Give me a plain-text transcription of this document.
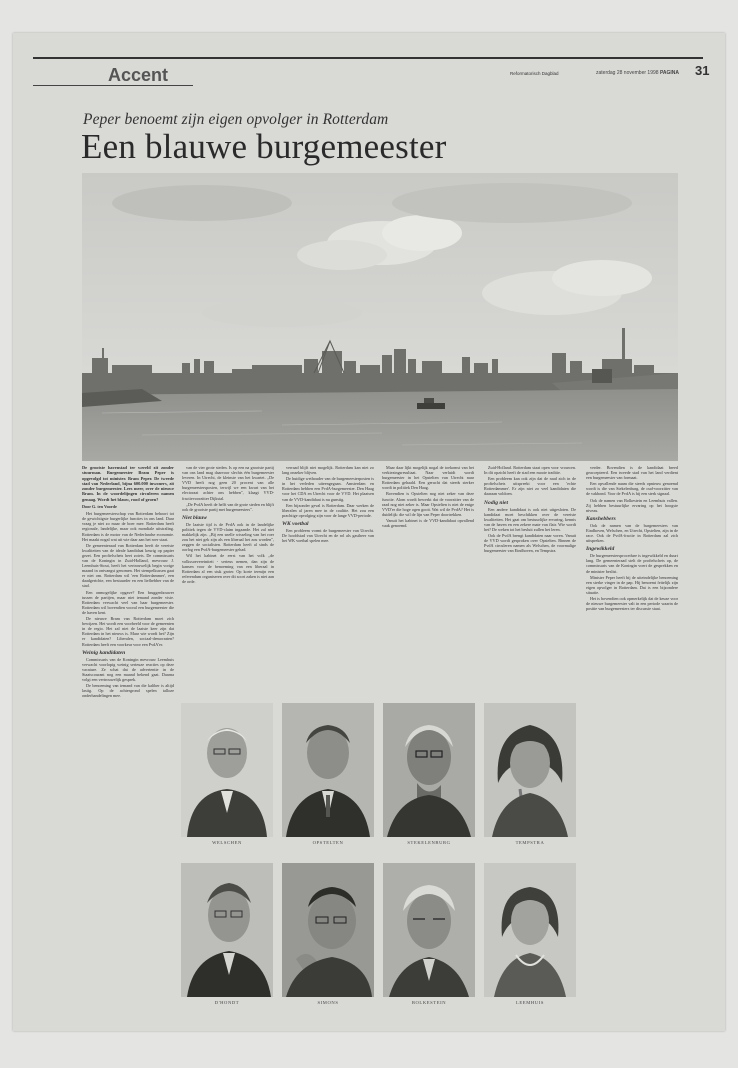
Accent	Reformatorisch Dagblad	zaterdag 28 november 1998 PAGINA 31
Peper benoemt zijn eigen opvolger in Rotterdam
Een blauwe burgemeester

De grootste havenstad ter wereld zit zonder stuurman. Burgemeester Bram Peper is opgevolgd tot minister. Bram Peper. De tweede stad van Nederland, bijna 600.000 inwoners, zit zonder burgemeester. Lees meer, over de nieuwe Bram. In de woordelijngen circuleren namen genaag. Wordt het blauw, rood of groen?

Door G. ten Voorde

Het burgemeesterschap van Rotterdam behoort tot de gewichtigste burgerlijke functies in ons land. Daar vraag je niet zo maar de boer mee. Rotterdam heeft regionale, landelijke, maar ook mondiale uitstraling. Rotterdam is de motor van de Nederlandse economie. Het maakt nogal wat uit wie daar aan het roer staat.

De gemeenteraad van Rotterdam heeft de vereiste kwaliteiten van de ideale kandidaat keurig op papier gezet. Een profielschets heet zoiets. De commissaris van de Koningin in Zuid-Holland, mevrouw J. Leemhuis-Stout, heeft het vertrouwelijk begin vorige maand in ontvangst genomen. Het stempelkussen gaat er niet om. Rotterdam wil 'een Rotterdammer', een daadgerichte, een bestuurder en een liefhebber van de stad.

Een onmogelijke opgave? Een bruggenbouwer tussen de partijen, maar niet iemand zonder visie. Rotterdam verwacht veel van haar burgemeester. Rotterdam wil bovendien vooral een burgemeester die de haven kent.

De nieuwe Bram van Rotterdam moet zich bewijzen. Het wordt een voorbeeld voor de gemeenten in de regio. Het zal niet de laatste keer zijn dat Rotterdam in het nieuws is. Maar wie wordt het? Zijn er kandidaten? Liberalen, sociaal-democraten? Rotterdam heeft een voorkeur voor een PvdA'er.

Weinig kandidaten

Commissaris van de Koningin mevrouw Leemhuis verwacht voorlopig weinig serieuze reacties op deze vacature. Ze schat dat de advertentie in de Staatscourant nog een maand bekend gaat. Daarna volgt een vertrouwelijk gesprek.

De benoeming van iemand van die kaliber is altijd lastig. Op de achtergrond spelen talloze onderhandelingen mee.

van de vier grote steden. Is op een na grootste partij van ons land mag daarvoor slechts één burgemeester leveren. In Utrecht, de kleinste van het kwartet. „De VVD heeft nog geen 20 procent van alle burgemeestersposten, terwijl we een kwart van het electoraat achter ons hebben", klaagt VVD-fractievoorzitter Dijkstal.

„De PvdA heeft de helft van de grote steden en blijft ook de grootste partij met burgemeesters".

Niet blauw

De laatste tijd is de PvdA ook in de landelijke politiek tegen de VVD-claim ingaande. Het zal niet makkelijk zijn. „Bij een snelle wisseling van het roer zou het niet gek zijn als een liberaal het zou worden", zeggen de socialisten. Rotterdam heeft al sinds de oorlog een PvdA-burgemeester gehad.

Wil het kabinet de eerst van het volk „de volkssoevereiniteit - serieus nemen, dan zijn de kansen voor de benoeming van een liberaal in Rotterdam al een stuk groter. Op korte termijn een referendum organiseren over dit soort zaken is niet aan de orde.

verraad blijft niet mogelijk. Rotterdam kan niet zo lang onzeker blijven.

De huidige wethouder van de burgemeesterposten is in het verleden uiteengegaan. Amsterdam en Rotterdam hebben een PvdA-burgemeester. Den Haag voor het CDA en Utrecht voor de VVD. Het plaatsen van de VVD-kandidaat is nu gunstig.

Een bijzonder geval is Rotterdam. Daar werken de liberalen al jaren mee in de coalitie. Het zou een prachtige opvolging zijn voor de lange VVD-periode.

WK voetbal

Een probleem vormt de burgemeester van Utrecht. De hoofdstad van Utrecht en de rol als gastheer van het WK voetbal spelen mee.

Maar daar lijkt mogelijk nogal de toekomst van het verkiezingsresultaat. Naar verluidt wordt burgemeester in het Opstelten van Utrecht naar Rotterdam gehaald. Een gerucht dat steeds sterker wordt in politiek Den Haag.

Bovendien is Opstelten nog niet zeker van deze functie. Alom wordt bewerkt dat de voorzitter van de raad nog niet zeker is. Maar Opstelten is niet de enige VVD'er die hoge ogen gooit. Wat wil de PvdA? Het is duidelijk: die wil de lijn van Peper doortrekken.

Vanuit het kabinet is de VVD-kandidaat opvallend vaak genoemd.

Zuid-Holland. Rotterdam staat open voor vrouwen. In dit opzicht heeft de stad een mooie traditie.

Een probleem kan ook zijn dat de raad zich in de profielschets uitspreekt voor een 'echte Rotterdammer'. Er zijn niet zo veel kandidaten die daaraan voldoen.

Nodig niet

Een andere kandidaat is ook niet uitgesloten. De kandidaat moet beschikken over de vereiste kwaliteiten. Het gaat om bestuurlijke ervaring, kennis van de haven en een zekere mate van flair. Wie wordt het? De weken tot het besluit zullen het leren.

Ook de PvdA brengt kandidaten naar voren. Vanuit de VVD wordt gesproken over Opstelten. Binnen de PvdA circuleren namen als Welschen, de voormalige burgemeester van Eindhoven, en Tempstra.

verder. Bovendien is de kandidaat breed geaccepteerd. Een tweede stad van het land verdient een burgemeester van formaat.

Een opvallende naam die steeds opnieuw genoemd wordt is die van Stekelenburg, de oud-voorzitter van de vakbond. Voor de PvdA is hij een sterk signaal.

Ook de namen van Bolkestein en Leemhuis vallen. Zij hebben bestuurlijke ervaring op het hoogste niveau.

Kanshebbers

Ook de namen van de burgemeesters van Eindhoven, Welschen, en Utrecht, Opstelten, zijn in de race. Ook de PvdA-fractie in Rotterdam zal zich uitspreken.

Ingewikkeld

De burgemeestersprocedure is ingewikkeld en duurt lang. De gemeenteraad stelt de profielschets op, de commissaris van de Koningin voert de gesprekken en de minister beslist.

Minister Peper heeft bij de uiteindelijke benoeming een sterke vinger in de pap. Hij benoemt feitelijk zijn eigen opvolger in Rotterdam. Dat is een bijzondere situatie.

Het is bovendien ook opmerkelijk dat de keuze voor de nieuwe burgemeester valt in een periode waarin de positie van burgemeesters ter discussie staat.

WELSCHEN	OPSTELTEN	STEKELENBURG	TEMPSTRA
D'HONDT	SIMONS	BOLKESTEIN	LEEMHUIS
